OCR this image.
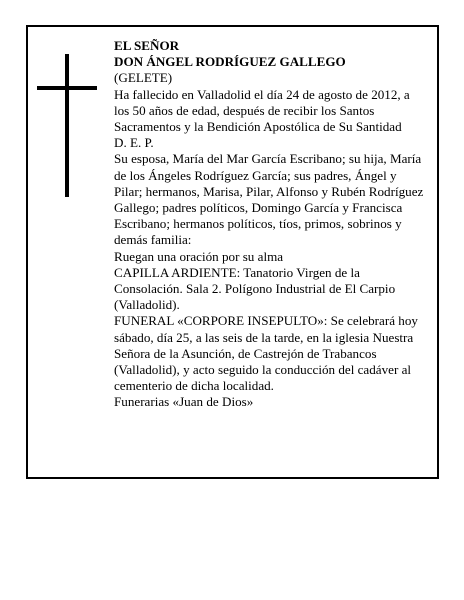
EL SEÑOR

DON ÁNGEL RODRÍGUEZ GALLEGO

(GELETE)

Ha fallecido en Valladolid el día 24 de agosto de 2012, a los 50 años de edad, después de recibir los Santos Sacramentos y la Bendición Apostólica de Su Santidad

D. E. P.

Su esposa, María del Mar García Escribano; su hija, María de los Ángeles Rodríguez García; sus padres, Ángel y Pilar; hermanos, Marisa, Pilar, Alfonso y Rubén Rodríguez Gallego; padres políticos, Domingo García y Francisca Escribano; hermanos políticos, tíos, primos, sobrinos y demás familia:

Ruegan una oración por su alma

CAPILLA ARDIENTE: Tanatorio Virgen de la Consolación. Sala 2. Polígono Industrial de El Carpio (Valladolid).

FUNERAL «CORPORE INSEPULTO»: Se celebrará hoy sábado, día 25, a las seis de la tarde, en la iglesia Nuestra Señora de la Asunción, de Castrejón de Trabancos (Valladolid), y acto seguido la conducción del cadáver al cementerio de dicha localidad.

Funerarias «Juan de Dios»
